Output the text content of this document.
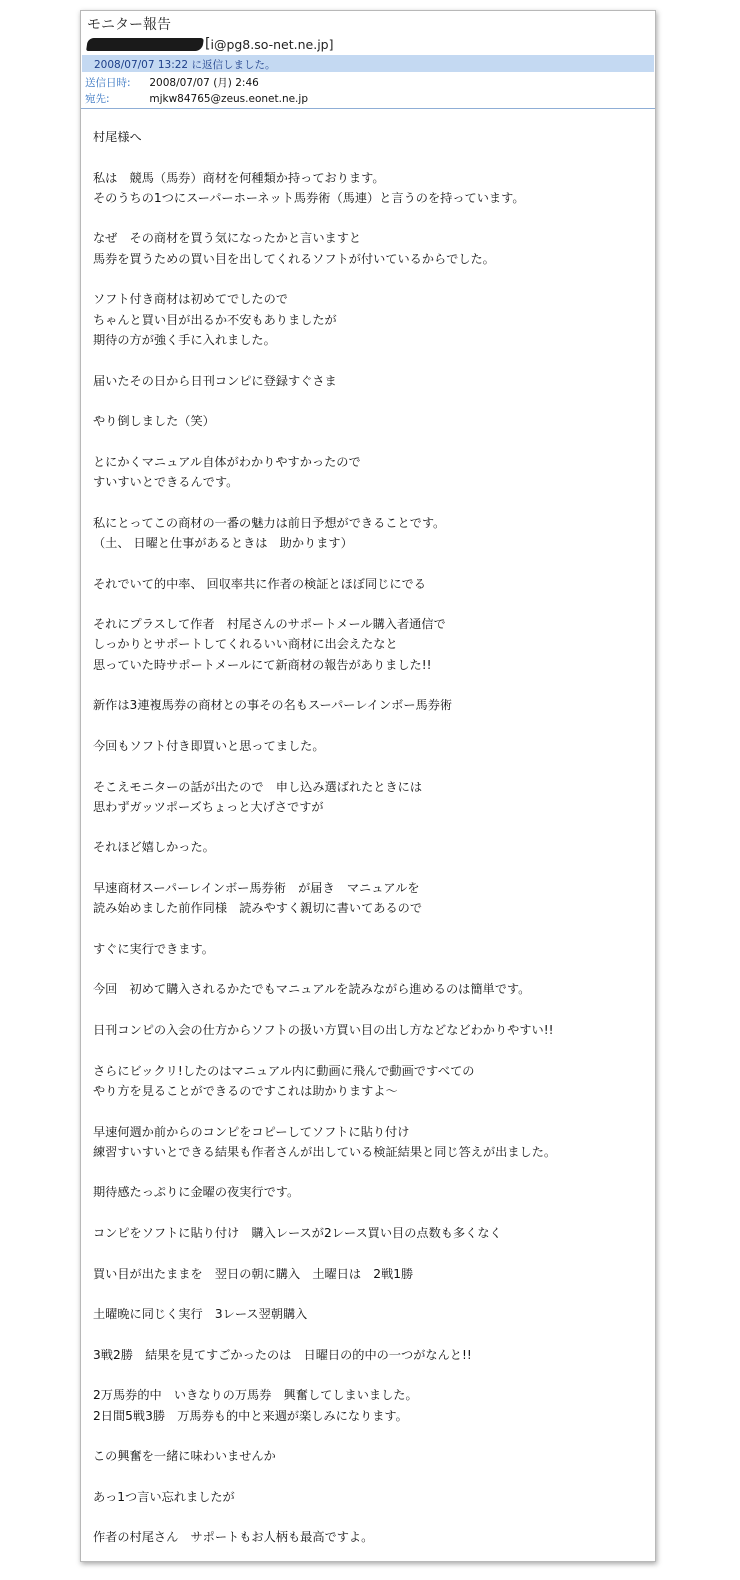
モニター報告
[ i@pg8.so-net.ne.jp]
2008/07/07 13:22 に返信しました。
送信日時: 2008/07/07 (月) 2:46
宛先:	mjkw84765@zeus.eonet.ne.jp
村尾様へ
私は　競馬（馬券）商材を何種類か持っております。
そのうちの1つにスーパーホーネット馬券術（馬連）と言うのを持っています。
なぜ　その商材を買う気になったかと言いますと
馬券を買うための買い目を出してくれるソフトが付いているからでした。
ソフト付き商材は初めてでしたので
ちゃんと買い目が出るか不安もありましたが
期待の方が強く手に入れました。
届いたその日から日刊コンピに登録すぐさま
やり倒しました（笑）
とにかくマニュアル自体がわかりやすかったので
すいすいとできるんです。
私にとってこの商材の一番の魅力は前日予想ができることです。
（土、 日曜と仕事があるときは　助かります）
それでいて的中率、 回収率共に作者の検証とほぼ同じにでる
それにプラスして作者　村尾さんのサポートメール購入者通信で
しっかりとサポートしてくれるいい商材に出会えたなと
思っていた時サポートメールにて新商材の報告がありました!!
新作は3連複馬券の商材との事その名もスーパーレインボー馬券術
今回もソフト付き即買いと思ってました。
そこえモニターの話が出たので　申し込み選ばれたときには
思わずガッツポーズちょっと大げさですが
それほど嬉しかった。
早速商材スーパーレインボー馬券術　が届き　マニュアルを
読み始めました前作同様　読みやすく親切に書いてあるので
すぐに実行できます。
今回　初めて購入されるかたでもマニュアルを読みながら進めるのは簡単です。
日刊コンピの入会の仕方からソフトの扱い方買い目の出し方などなどわかりやすい!!
さらにビックリ!したのはマニュアル内に動画に飛んで動画ですべての
やり方を見ることができるのですこれは助かりますよ〜
早速何週か前からのコンピをコピーしてソフトに貼り付け
練習すいすいとできる結果も作者さんが出している検証結果と同じ答えが出ました。
期待感たっぷりに金曜の夜実行です。
コンピをソフトに貼り付け　購入レースが2レース買い目の点数も多くなく
買い目が出たままを　翌日の朝に購入　土曜日は　2戦1勝
土曜晩に同じく実行　3レース翌朝購入
3戦2勝　結果を見てすごかったのは　日曜日の的中の一つがなんと!!
2万馬券的中　いきなりの万馬券　興奮してしまいました。
2日間5戦3勝　万馬券も的中と来週が楽しみになります。
この興奮を一緒に味わいませんか
あっ1つ言い忘れましたが
作者の村尾さん　サポートもお人柄も最高ですよ。
